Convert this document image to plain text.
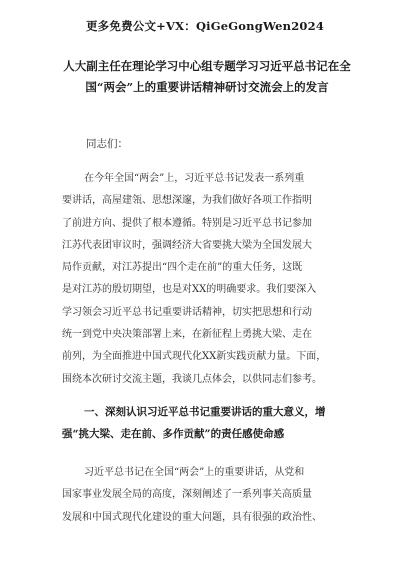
更多免费公文+VX：QiGeGongWen2024
人大副主任在理论学习中心组专题学习习近平总书记在全
国“两会”上的重要讲话精神研讨交流会上的发言
同志们：
在今年全国“两会”上，习近平总书记发表一系列重
要讲话，高屋建瓴、思想深邃，为我们做好各项工作指明
了前进方向、提供了根本遵循。特别是习近平总书记参加
江苏代表团审议时，强调经济大省要挑大梁为全国发展大
局作贡献，对江苏提出“四个走在前”的重大任务，这既
是对江苏的殷切期望，也是对XX的明确要求。我们要深入
学习领会习近平总书记重要讲话精神，切实把思想和行动
统一到党中央决策部署上来，在新征程上勇挑大梁、走在
前列，为全面推进中国式现代化XX新实践贡献力量。下面，
围绕本次研讨交流主题，我谈几点体会，以供同志们参考。
一、深刻认识习近平总书记重要讲话的重大意义，增
强“挑大梁、走在前、多作贡献”的责任感使命感
习近平总书记在全国“两会”上的重要讲话，从党和
国家事业发展全局的高度，深刻阐述了一系列事关高质量
发展和中国式现代化建设的重大问题，具有很强的政治性、
